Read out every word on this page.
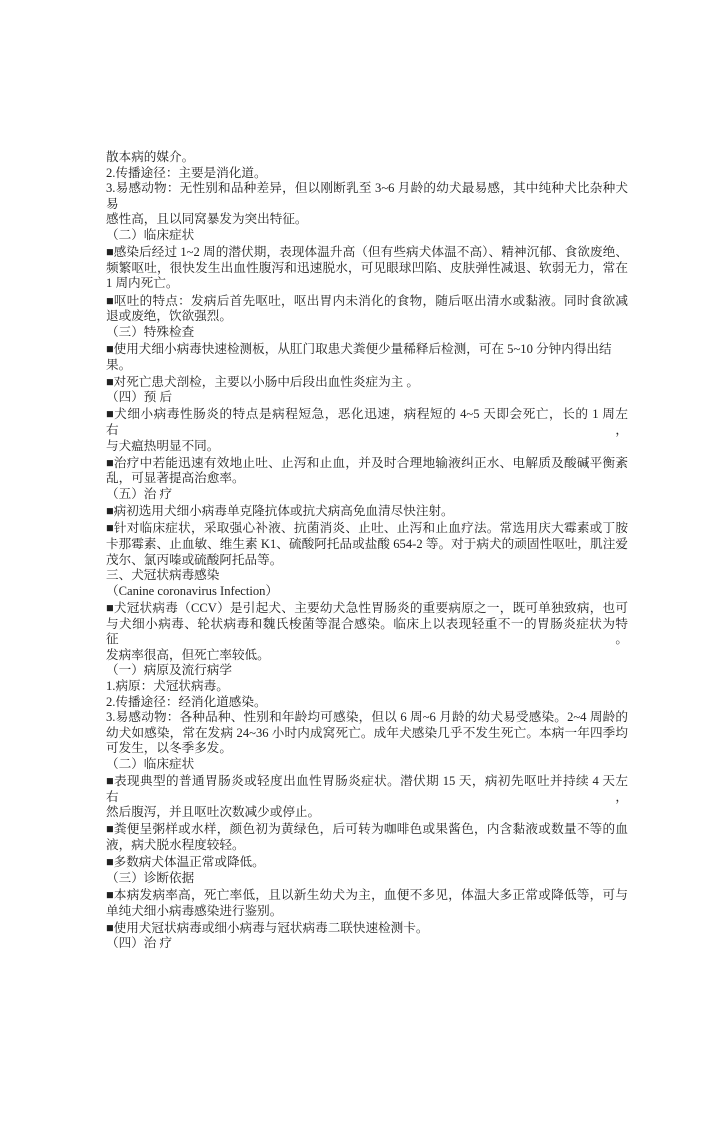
散本病的媒介。
2.传播途径：主要是消化道。
3.易感动物：无性别和品种差异，但以刚断乳至 3~6 月龄的幼犬最易感，其中纯种犬比杂种犬易
感性高，且以同窝暴发为突出特征。
（二）临床症状
■感染后经过 1~2 周的潜伏期，表现体温升高（但有些病犬体温不高）、精神沉郁、食欲废绝、
频繁呕吐，很快发生出血性腹泻和迅速脱水，可见眼球凹陷、皮肤弹性减退、软弱无力，常在
1 周内死亡。
■呕吐的特点：发病后首先呕吐，呕出胃内未消化的食物，随后呕出清水或黏液。同时食欲减
退或废绝，饮欲强烈。
（三）特殊检查
■使用犬细小病毒快速检测板，从肛门取患犬粪便少量稀释后检测，可在 5~10 分钟内得出结果。
■对死亡患犬剖检，主要以小肠中后段出血性炎症为主 。
（四）预 后
■犬细小病毒性肠炎的特点是病程短急，恶化迅速，病程短的 4~5 天即会死亡，长的 1 周左右，
与犬瘟热明显不同。
■治疗中若能迅速有效地止吐、止泻和止血，并及时合理地输液纠正水、电解质及酸碱平衡紊
乱，可显著提高治愈率。
（五）治 疗
■病初选用犬细小病毒单克隆抗体或抗犬病高免血清尽快注射。
■针对临床症状，采取强心补液、抗菌消炎、止吐、止泻和止血疗法。常选用庆大霉素或丁胺
卡那霉素、止血敏、维生素 K1、硫酸阿托品或盐酸 654-2 等。对于病犬的顽固性呕吐，肌注爱
茂尔、氯丙嗪或硫酸阿托品等。
三、犬冠状病毒感染
（Canine coronavirus Infection）
■犬冠状病毒（CCV）是引起犬、主要幼犬急性胃肠炎的重要病原之一，既可单独致病，也可
与犬细小病毒、轮状病毒和魏氏梭菌等混合感染。临床上以表现轻重不一的胃肠炎症状为特征。
发病率很高，但死亡率较低。
（一）病原及流行病学
1.病原：犬冠状病毒。
2.传播途径：经消化道感染。
3.易感动物：各种品种、性别和年龄均可感染，但以 6 周~6 月龄的幼犬易受感染。2~4 周龄的
幼犬如感染，常在发病 24~36 小时内成窝死亡。成年犬感染几乎不发生死亡。本病一年四季均
可发生，以冬季多发。
（二）临床症状
■表现典型的普通胃肠炎或轻度出血性胃肠炎症状。潜伏期 15 天，病初先呕吐并持续 4 天左右，
然后腹泻，并且呕吐次数减少或停止。
■粪便呈粥样或水样，颜色初为黄绿色，后可转为咖啡色或果酱色，内含黏液或数量不等的血
液，病犬脱水程度较轻。
■多数病犬体温正常或降低。
（三）诊断依据
■本病发病率高，死亡率低，且以新生幼犬为主，血便不多见，体温大多正常或降低等，可与
单纯犬细小病毒感染进行鉴别。
■使用犬冠状病毒或细小病毒与冠状病毒二联快速检测卡。
（四）治 疗
